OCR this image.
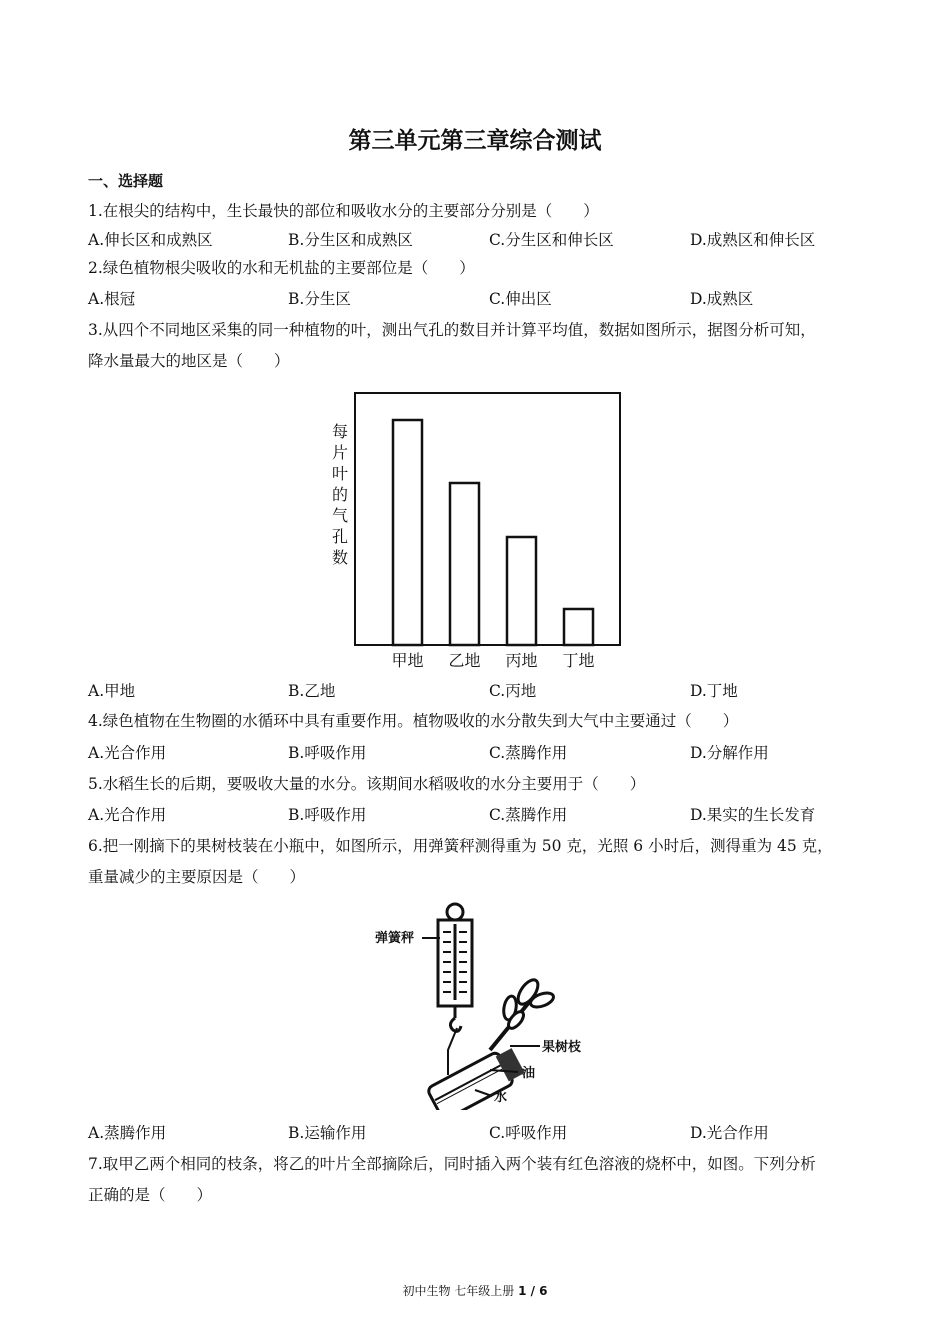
第三单元第三章综合测试
一、选择题
1.在根尖的结构中，生长最快的部位和吸收水分的主要部分分别是（　　）
A.伸长区和成熟区	B.分生区和成熟区	C.分生区和伸长区	D.成熟区和伸长区
2.绿色植物根尖吸收的水和无机盐的主要部位是（　　）
A.根冠	B.分生区	C.伸出区	D.成熟区
3.从四个不同地区采集的同一种植物的叶，测出气孔的数目并计算平均值，数据如图所示，据图分析可知，
降水量最大的地区是（　　）
每片叶的气孔数
甲地 乙地 丙地 丁地
A.甲地	B.乙地	C.丙地	D.丁地
4.绿色植物在生物圈的水循环中具有重要作用。植物吸收的水分散失到大气中主要通过（　　）
A.光合作用	B.呼吸作用	C.蒸腾作用	D.分解作用
5.水稻生长的后期，要吸收大量的水分。该期间水稻吸收的水分主要用于（　　）
A.光合作用	B.呼吸作用	C.蒸腾作用	D.果实的生长发育
6.把一刚摘下的果树枝装在小瓶中，如图所示，用弹簧秤测得重为 50 克，光照 6 小时后，测得重为 45 克，
重量减少的主要原因是（　　）
弹簧秤
果树枝
油
水
A.蒸腾作用	B.运输作用	C.呼吸作用	D.光合作用
7.取甲乙两个相同的枝条，将乙的叶片全部摘除后，同时插入两个装有红色溶液的烧杯中，如图。下列分析
正确的是（　　）
初中生物 七年级上册 1 / 6
